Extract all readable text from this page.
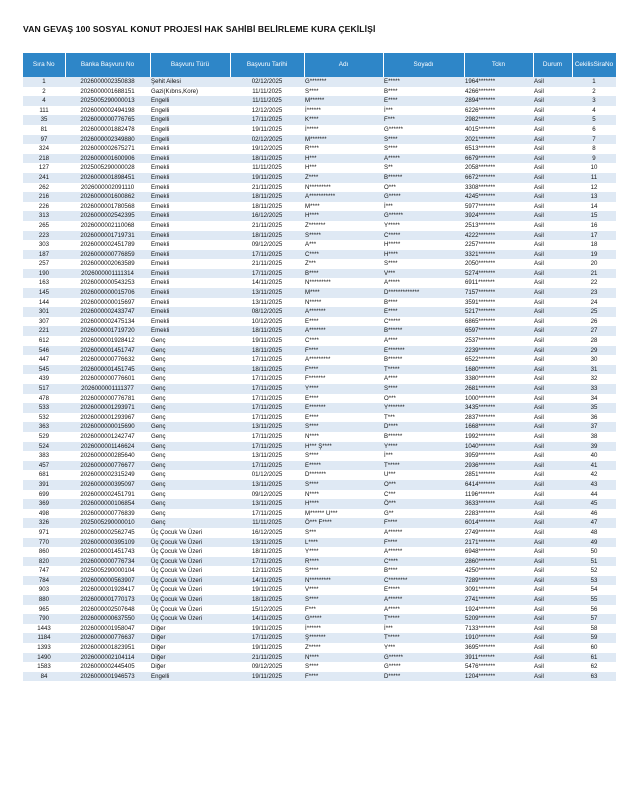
VAN GEVAŞ 100 SOSYAL KONUT PROJESİ HAK SAHİBİ BELİRLEME KURA ÇEKİLİŞİ
Sıra No	Banka Başvuru No	Başvuru Türü	Başvuru Tarihi	Adı	Soyadı	Tckn	Durum	CekilisSiraNo
1	2026000002350838	Şehit Ailesi	02/12/2025	G*******	E*****	1964*******	Asil	1
2	2026000001688151	Gazi(Kıbrıs,Kore)	11/11/2025	S****	B****	4266*******	Asil	2
4	2025005290000013	Engelli	11/11/2025	M******	E****	2894*******	Asil	3
111	2026000002494198	Engelli	12/12/2025	İ******	İ***	6226*******	Asil	4
35	2026000000776765	Engelli	17/11/2025	K****	F***	2982*******	Asil	5
81	2026000001882478	Engelli	19/11/2025	İ*****	G******	4015*******	Asil	6
97	2026000002349880	Engelli	02/12/2025	M*******	S****	2021*******	Asil	7
324	2026000002675271	Emekli	19/12/2025	R****	S****	6513*******	Asil	8
218	2026000001600906	Emekli	18/11/2025	H***	A*****	6679*******	Asil	9
127	2025005290000028	Emekli	11/11/2025	H***	S**	2058*******	Asil	10
241	2026000001898451	Emekli	19/11/2025	Z****	B******	6672*******	Asil	11
262	2026000002091110	Emekli	21/11/2025	N*********	O***	3308*******	Asil	12
216	2026000001600862	Emekli	18/11/2025	A***********	G*****	4245*******	Asil	13
226	2026000001780568	Emekli	18/11/2025	M****	İ***	5977*******	Asil	14
313	2026000002542395	Emekli	16/12/2025	H****	G******	3924*******	Asil	15
265	2026000002110068	Emekli	21/11/2025	Z*******	Y*****	2513*******	Asil	16
223	2026000001719731	Emekli	18/11/2025	S*****	C*****	4222*******	Asil	17
303	2026000002451789	Emekli	09/12/2025	A***	H*****	2257*******	Asil	18
187	2026000000776859	Emekli	17/11/2025	C****	H****	3321*******	Asil	19
257	2026000002063589	Emekli	21/11/2025	Z***	S****	2050*******	Asil	20
190	2026000001111314	Emekli	17/11/2025	B****	V***	5274*******	Asil	21
163	2026000000543253	Emekli	14/11/2025	N*********	A*****	6911*******	Asil	22
145	2026000000015706	Emekli	13/11/2025	M****	D*************	7157*******	Asil	23
144	2026000000015697	Emekli	13/11/2025	N*****	B****	3591*******	Asil	24
301	2026000002433747	Emekli	08/12/2025	A*******	E****	5217*******	Asil	25
307	2026000002475134	Emekli	10/12/2025	E****	C*****	6865*******	Asil	26
221	2026000001719720	Emekli	18/11/2025	A*******	B******	6597*******	Asil	27
612	2026000001928412	Genç	19/11/2025	C****	A****	2537*******	Asil	28
546	2026000001451747	Genç	18/11/2025	F****	E*******	2239*******	Asil	29
447	2026000000776632	Genç	17/11/2025	A*********	B******	6522*******	Asil	30
545	2026000001451745	Genç	18/11/2025	F****	T*****	1680*******	Asil	31
439	2026000000776601	Genç	17/11/2025	F*******	A****	3380*******	Asil	32
517	2026000001111377	Genç	17/11/2025	Y****	S****	2681*******	Asil	33
478	2026000000776781	Genç	17/11/2025	E****	O***	1000*******	Asil	34
533	2026000001293971	Genç	17/11/2025	E*******	Y*******	3435*******	Asil	35
532	2026000001293967	Genç	17/11/2025	E****	T***	2837*******	Asil	36
363	2026000000015690	Genç	13/11/2025	S****	D****	1668*******	Asil	37
529	2026000001242747	Genç	17/11/2025	N****	B******	1992*******	Asil	38
524	2026000001146624	Genç	17/11/2025	H*** Ş****	Y****	1040*******	Asil	39
383	2026000000285640	Genç	13/11/2025	S****	İ***	3959*******	Asil	40
457	2026000000776677	Genç	17/11/2025	E*****	T*****	2936*******	Asil	41
681	2026000002315249	Genç	01/12/2025	D*******	U***	2851*******	Asil	42
391	2026000000395097	Genç	13/11/2025	S****	O***	6414*******	Asil	43
699	2026000002451791	Genç	09/12/2025	N****	C***	1196*******	Asil	44
369	2026000000106854	Genç	13/11/2025	H****	Ö***	3633*******	Asil	45
498	2026000000776839	Genç	17/11/2025	M****** U***	G**	2283*******	Asil	46
326	2025005290000010	Genç	11/11/2025	Ö*** F****	F****	6014*******	Asil	47
971	2026000002562745	Üç Çocuk Ve Üzeri	16/12/2025	S***	A******	2749*******	Asil	48
770	2026000000395109	Üç Çocuk Ve Üzeri	13/11/2025	L****	F****	2171*******	Asil	49
860	2026000001451743	Üç Çocuk Ve Üzeri	18/11/2025	Y****	A******	6948*******	Asil	50
820	2026000000776734	Üç Çocuk Ve Üzeri	17/11/2025	R****	C****	2860*******	Asil	51
747	2025005290000104	Üç Çocuk Ve Üzeri	12/11/2025	S****	B****	4250*******	Asil	52
784	2026000000563907	Üç Çocuk Ve Üzeri	14/11/2025	N*********	C********	7289*******	Asil	53
903	2026000001928417	Üç Çocuk Ve Üzeri	19/11/2025	V****	E*****	3091*******	Asil	54
880	2026000001770173	Üç Çocuk Ve Üzeri	18/11/2025	S****	A******	2741*******	Asil	55
965	2026000002507648	Üç Çocuk Ve Üzeri	15/12/2025	F***	A*****	1924*******	Asil	56
790	2026000000637550	Üç Çocuk Ve Üzeri	14/11/2025	G*****	T*****	5209*******	Asil	57
1443	2026000001958047	Diğer	19/11/2025	İ******	İ***	7133*******	Asil	58
1184	2026000000776637	Diğer	17/11/2025	Ş*******	T*****	1910*******	Asil	59
1393	2026000001823951	Diğer	19/11/2025	Z*****	Y***	3695*******	Asil	60
1490	2026000002104114	Diğer	21/11/2025	N****	G******	3911*******	Asil	61
1583	2026000002445405	Diğer	09/12/2025	S****	G*****	5476*******	Asil	62
84	2026000001946573	Engelli	19/11/2025	F****	D*****	1204*******	Asil	63
